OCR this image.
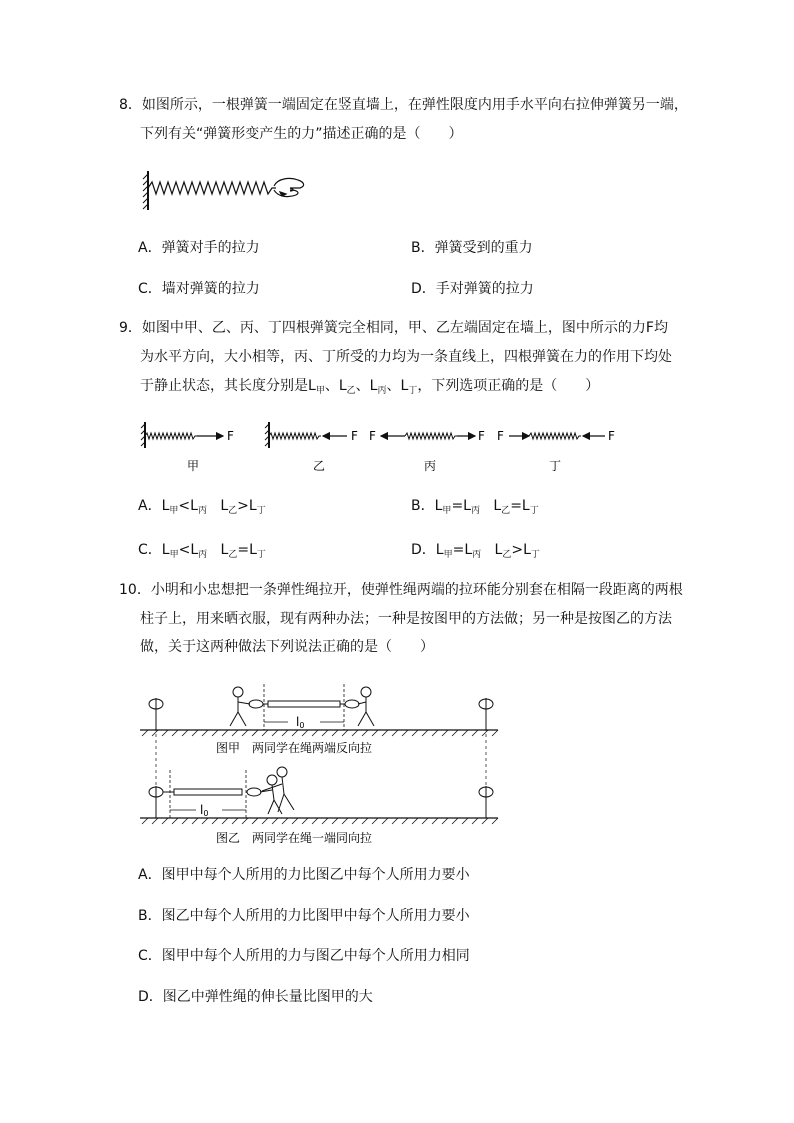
8．如图所示，一根弹簧一端固定在竖直墙上，在弹性限度内用手水平向右拉伸弹簧另一端，
下列有关“弹簧形变产生的力”描述正确的是（　　）
A．弹簧对手的拉力	B．弹簧受到的重力
C．墙对弹簧的拉力	D．手对弹簧的拉力
9．如图中甲、乙、丙、丁四根弹簧完全相同，甲、乙左端固定在墙上，图中所示的力F均
为水平方向，大小相等，丙、丁所受的力均为一条直线上，四根弹簧在力的作用下均处
于静止状态，其长度分别是$L_甲$、$L_乙$、$L_丙$、$L_丁$，下列选项正确的是（　　）
F
甲
F
乙
F	F
丙
F	F
丁
A．$L_甲<L_丙$ $L_乙>L_丁$	B．$L_甲=L_丙$ $L_乙=L_丁$
C．$L_甲<L_丙$ $L_乙=L_丁$	D．$L_甲=L_丙$ $L_乙>L_丁$
10．小明和小忠想把一条弹性绳拉开，使弹性绳两端的拉环能分别套在相隔一段距离的两根
柱子上，用来晒衣服，现有两种办法；一种是按图甲的方法做；另一种是按图乙的方法
做，关于这两种做法下列说法正确的是（　　）
l0
图甲　两同学在绳两端反向拉
l0
图乙　两同学在绳一端同向拉
A．图甲中每个人所用的力比图乙中每个人所用力要小
B．图乙中每个人所用的力比图甲中每个人所用力要小
C．图甲中每个人所用的力与图乙中每个人所用力相同
D．图乙中弹性绳的伸长量比图甲的大
